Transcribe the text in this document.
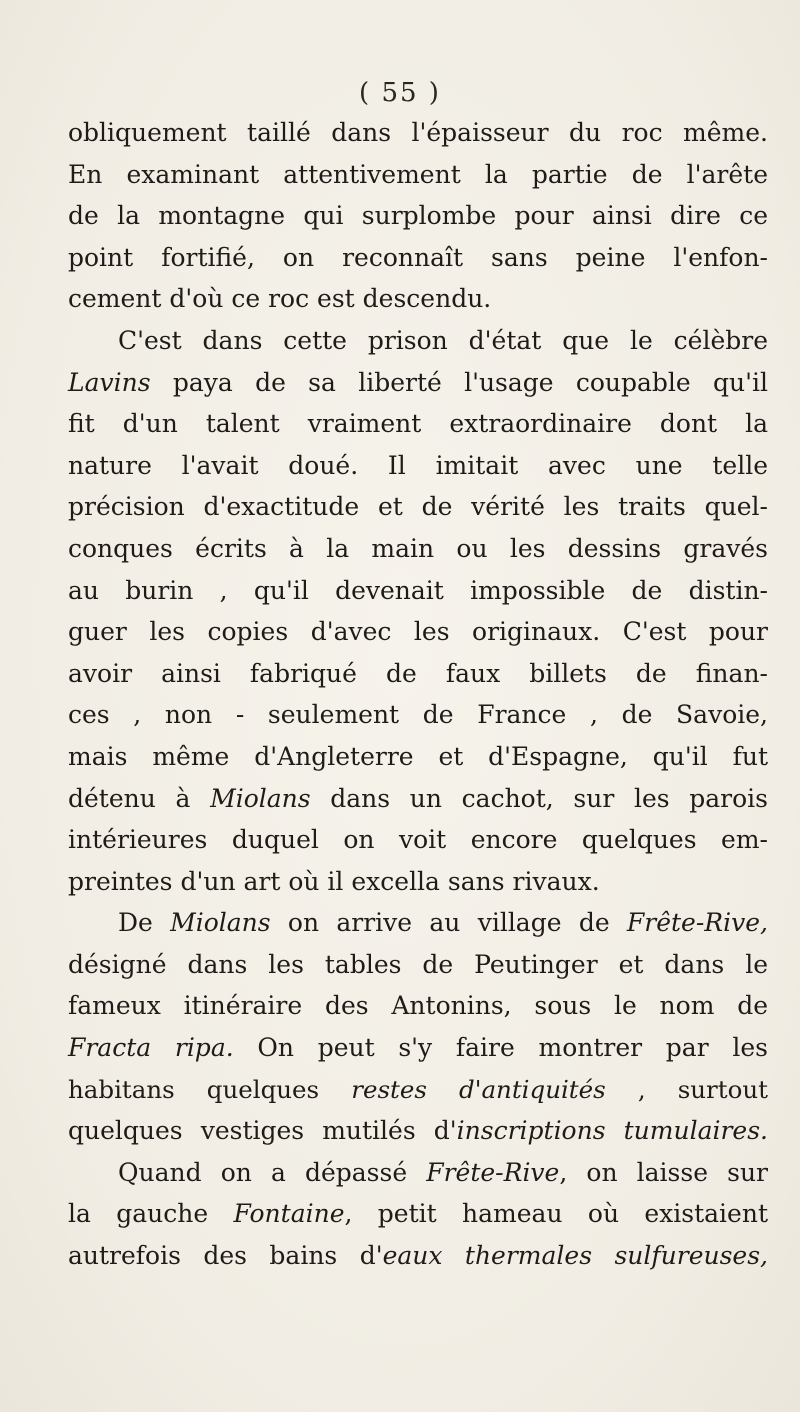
( 55 )
obliquement taillé dans l'épaisseur du roc même.
En examinant attentivement la partie de l'arête
de la montagne qui surplombe pour ainsi dire ce
point fortifié, on reconnaît sans peine l'enfon-
cement d'où ce roc est descendu.
C'est dans cette prison d'état que le célèbre
Lavins paya de sa liberté l'usage coupable qu'il
fit d'un talent vraiment extraordinaire dont la
nature l'avait doué. Il imitait avec une telle
précision d'exactitude et de vérité les traits quel-
conques écrits à la main ou les dessins gravés
au burin , qu'il devenait impossible de distin-
guer les copies d'avec les originaux. C'est pour
avoir ainsi fabriqué de faux billets de finan-
ces , non - seulement de France , de Savoie,
mais même d'Angleterre et d'Espagne, qu'il fut
détenu à Miolans dans un cachot, sur les parois
intérieures duquel on voit encore quelques em-
preintes d'un art où il excella sans rivaux.
De Miolans on arrive au village de Frête-Rive,
désigné dans les tables de Peutinger et dans le
fameux itinéraire des Antonins, sous le nom de
Fracta ripa. On peut s'y faire montrer par les
habitans quelques restes d'antiquités , surtout
quelques vestiges mutilés d'inscriptions tumulaires.
Quand on a dépassé Frête-Rive, on laisse sur
la gauche Fontaine, petit hameau où existaient
autrefois des bains d'eaux thermales sulfureuses,
